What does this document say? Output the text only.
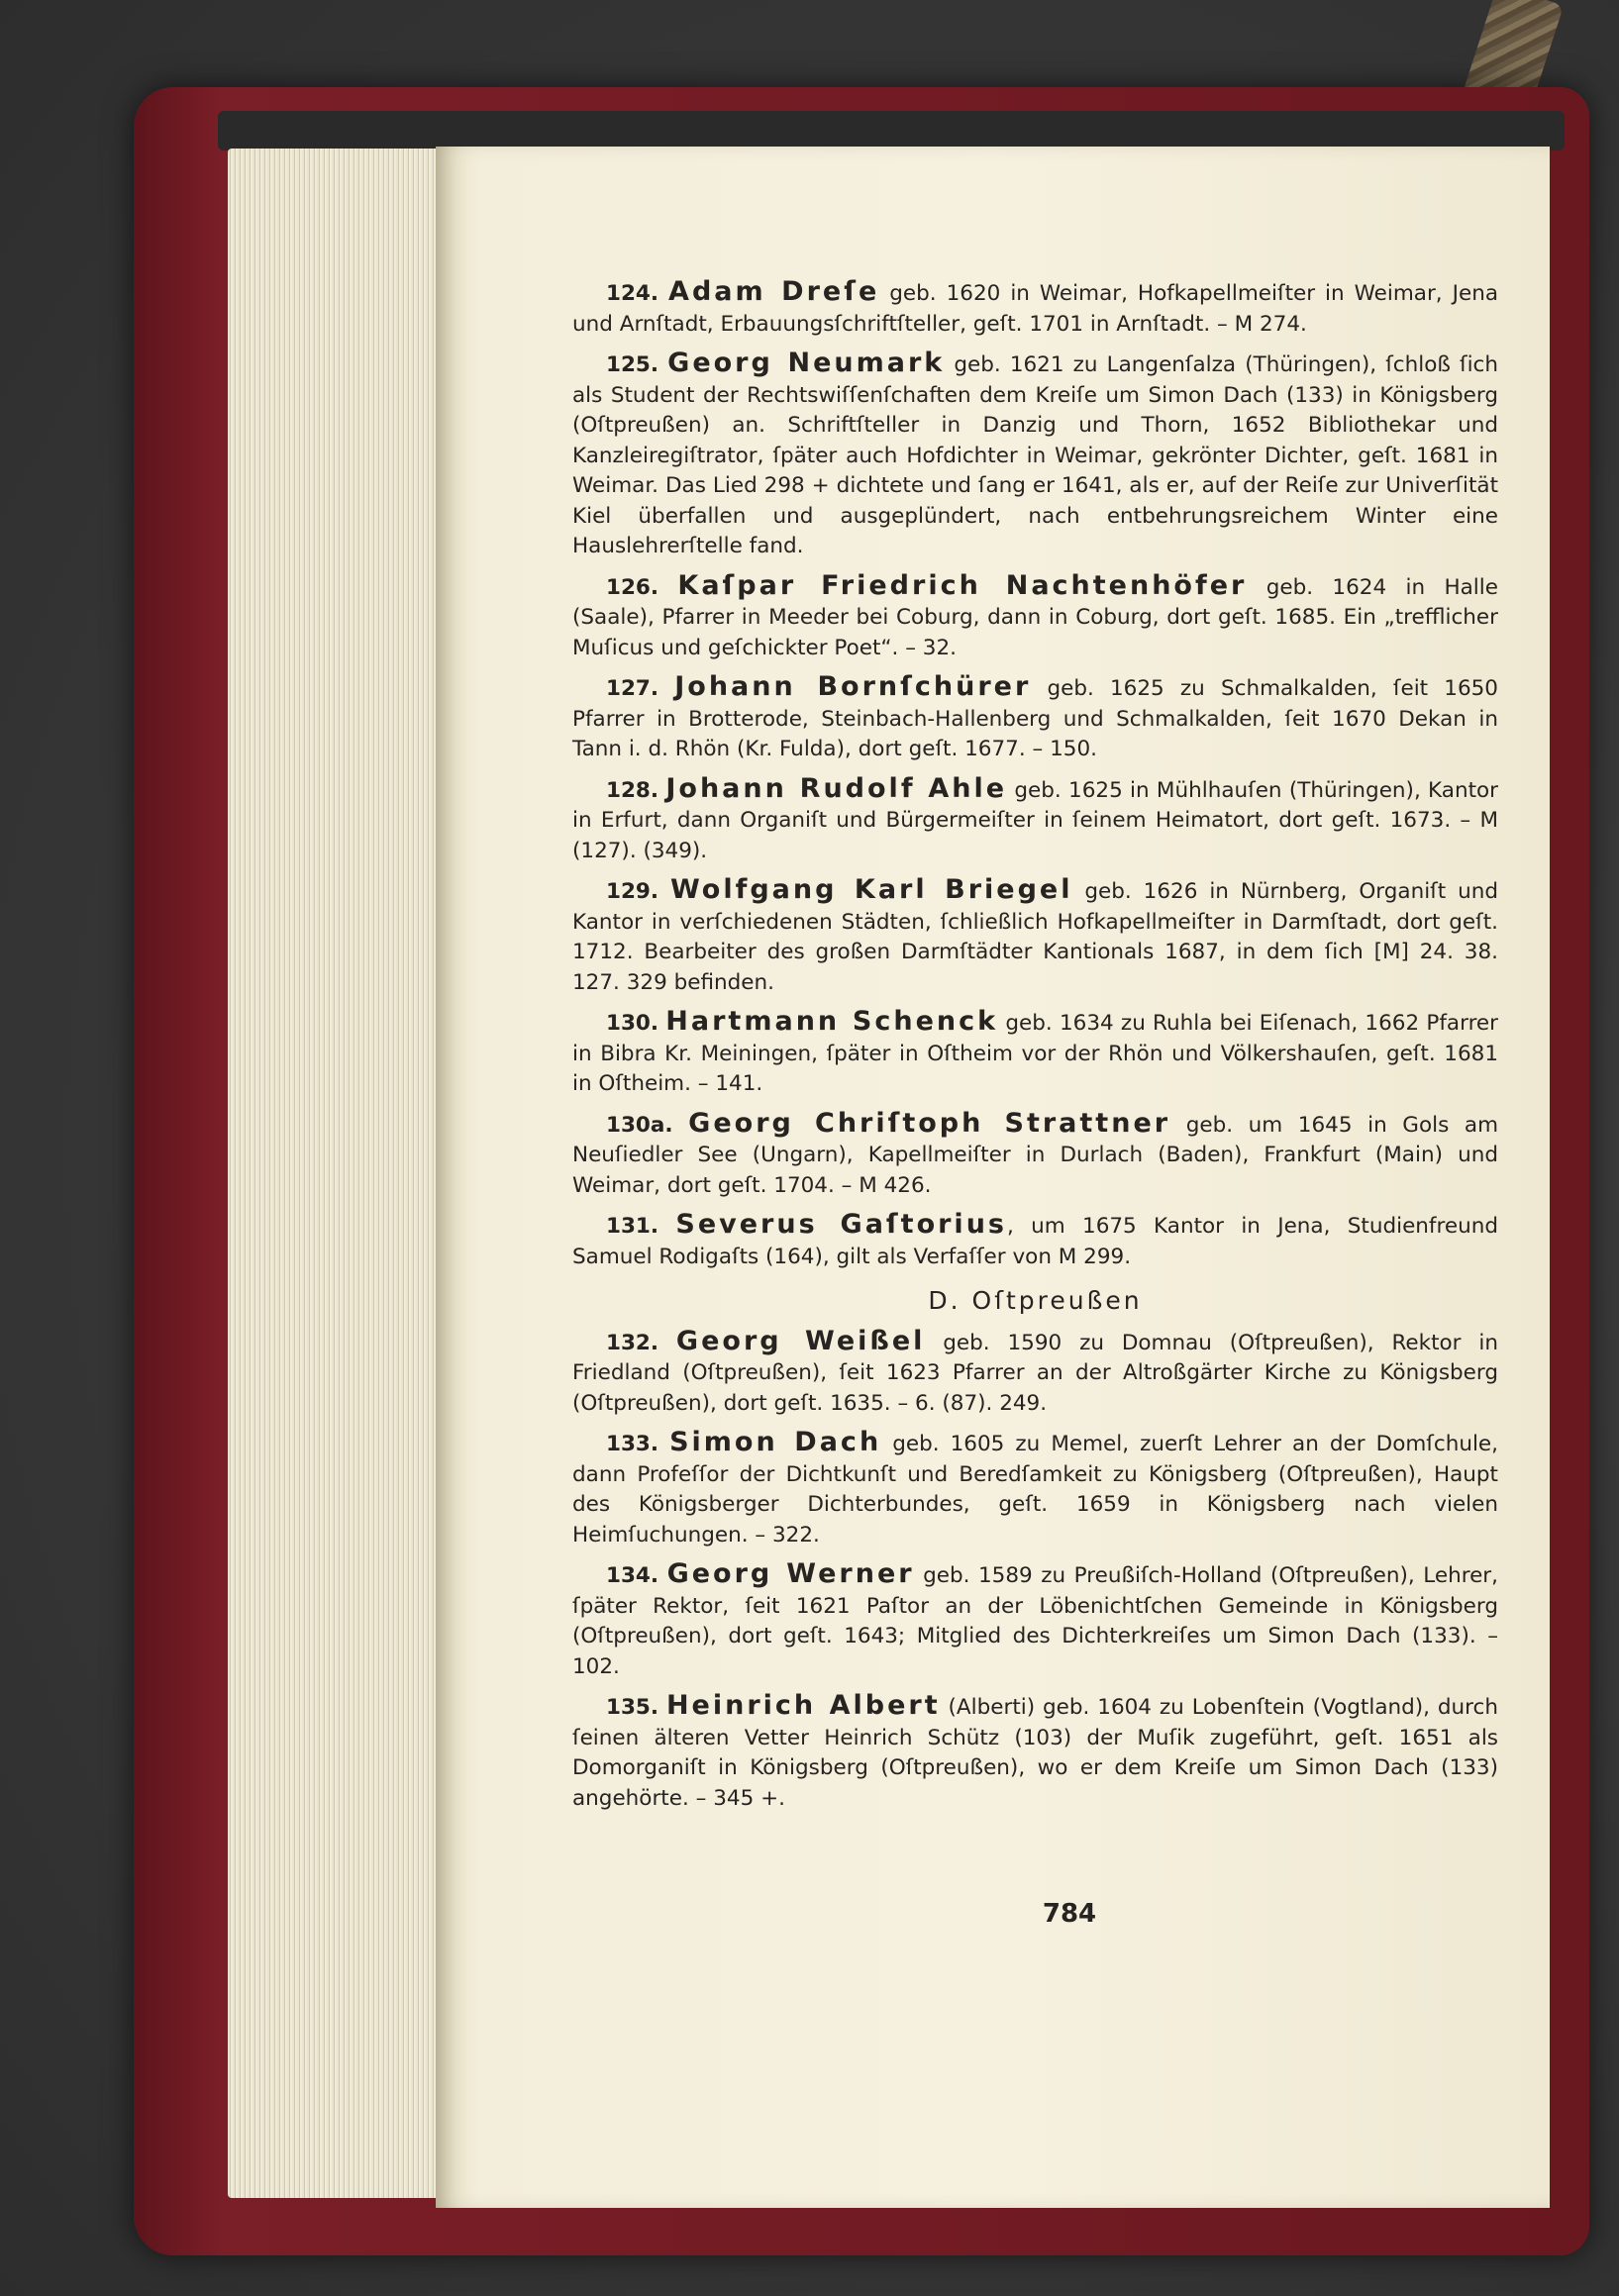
124. Adam Dreſe geb. 1620 in Weimar, Hofkapellmeiſter in Weimar, Jena und Arnſtadt, Erbauungsſchriftſteller, geſt. 1701 in Arnſtadt. – M 274.

125. Georg Neumark geb. 1621 zu Langenſalza (Thüringen), ſchloß ſich als Student der Rechtswiſſenſchaften dem Kreiſe um Simon Dach (133) in Königsberg (Oſtpreußen) an. Schriftſteller in Danzig und Thorn, 1652 Bibliothekar und Kanzleiregiſtrator, ſpäter auch Hofdichter in Weimar, gekrönter Dichter, geſt. 1681 in Weimar. Das Lied 298 + dichtete und ſang er 1641, als er, auf der Reiſe zur Univerſität Kiel überfallen und ausgeplündert, nach entbehrungsreichem Winter eine Hauslehrerſtelle fand.

126. Kaſpar Friedrich Nachtenhöfer geb. 1624 in Halle (Saale), Pfarrer in Meeder bei Coburg, dann in Coburg, dort geſt. 1685. Ein „trefflicher Muſicus und geſchickter Poet“. – 32.

127. Johann Bornſchürer geb. 1625 zu Schmalkalden, ſeit 1650 Pfarrer in Brotterode, Steinbach-Hallenberg und Schmalkalden, ſeit 1670 Dekan in Tann i. d. Rhön (Kr. Fulda), dort geſt. 1677. – 150.

128. Johann Rudolf Ahle geb. 1625 in Mühlhauſen (Thüringen), Kantor in Erfurt, dann Organiſt und Bürgermeiſter in ſeinem Heimatort, dort geſt. 1673. – M (127). (349).

129. Wolfgang Karl Briegel geb. 1626 in Nürnberg, Organiſt und Kantor in verſchiedenen Städten, ſchließlich Hofkapellmeiſter in Darmſtadt, dort geſt. 1712. Bearbeiter des großen Darmſtädter Kantionals 1687, in dem ſich [M] 24. 38. 127. 329 befinden.

130. Hartmann Schenck geb. 1634 zu Ruhla bei Eiſenach, 1662 Pfarrer in Bibra Kr. Meiningen, ſpäter in Oſtheim vor der Rhön und Völkershauſen, geſt. 1681 in Oſtheim. – 141.

130a. Georg Chriſtoph Strattner geb. um 1645 in Gols am Neuſiedler See (Ungarn), Kapellmeiſter in Durlach (Baden), Frankfurt (Main) und Weimar, dort geſt. 1704. – M 426.

131. Severus Gaſtorius, um 1675 Kantor in Jena, Studienfreund Samuel Rodigaſts (164), gilt als Verfaſſer von M 299.

D. Oſtpreußen

132. Georg Weißel geb. 1590 zu Domnau (Oſtpreußen), Rektor in Friedland (Oſtpreußen), ſeit 1623 Pfarrer an der Altroßgärter Kirche zu Königsberg (Oſtpreußen), dort geſt. 1635. – 6. (87). 249.

133. Simon Dach geb. 1605 zu Memel, zuerſt Lehrer an der Domſchule, dann Profeſſor der Dichtkunſt und Beredſamkeit zu Königsberg (Oſtpreußen), Haupt des Königsberger Dichterbundes, geſt. 1659 in Königsberg nach vielen Heimſuchungen. – 322.

134. Georg Werner geb. 1589 zu Preußiſch-Holland (Oſtpreußen), Lehrer, ſpäter Rektor, ſeit 1621 Paſtor an der Löbenichtſchen Gemeinde in Königsberg (Oſtpreußen), dort geſt. 1643; Mitglied des Dichterkreiſes um Simon Dach (133). – 102.

135. Heinrich Albert (Alberti) geb. 1604 zu Lobenſtein (Vogtland), durch ſeinen älteren Vetter Heinrich Schütz (103) der Muſik zugeführt, geſt. 1651 als Domorganiſt in Königsberg (Oſtpreußen), wo er dem Kreiſe um Simon Dach (133) angehörte. – 345 +.

784
